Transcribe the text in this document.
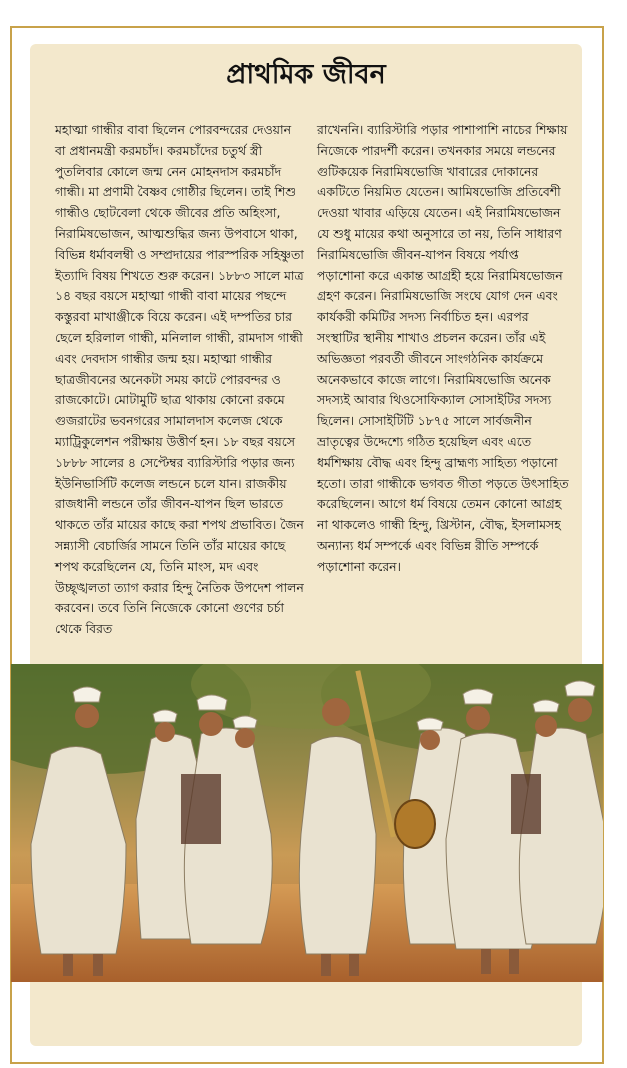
প্রাথমিক জীবন

মহাত্মা গান্ধীর বাবা ছিলেন পোরবন্দরের দেওয়ান বা প্রধানমন্ত্রী করমচাঁদ। করমচাঁদের চতুর্থ স্ত্রী পুতলিবার কোলে জন্ম নেন মোহনদাস করমচাঁদ গান্ধী। মা প্রণামী বৈষ্ণব গোষ্ঠীর ছিলেন। তাই শিশু গান্ধীও ছোটবেলা থেকে জীবের প্রতি অহিংসা, নিরামিষভোজন, আত্মশুদ্ধির জন্য উপবাসে থাকা, বিভিন্ন ধর্মাবলম্বী ও সম্প্রদায়ের পারস্পরিক সহিষ্ণুতা ইত্যাদি বিষয় শিখতে শুরু করেন। ১৮৮৩ সালে মাত্র ১৪ বছর বয়সে মহাত্মা গান্ধী বাবা মায়ের পছন্দে কস্তুরবা মাখাঞ্জীকে বিয়ে করেন। এই দম্পতির চার ছেলে হরিলাল গান্ধী, মনিলাল গান্ধী, রামদাস গান্ধী এবং দেবদাস গান্ধীর জন্ম হয়। মহাত্মা গান্ধীর ছাত্রজীবনের অনেকটা সময় কাটে পোরবন্দর ও রাজকোটে। মোটামুটি ছাত্র থাকায় কোনো রকমে গুজরাটের ভবনগরের সামালদাস কলেজ থেকে ম্যাট্রিকুলেশন পরীক্ষায় উত্তীর্ণ হন। ১৮ বছর বয়সে ১৮৮৮ সালের ৪ সেপ্টেম্বর ব্যারিস্টারি পড়ার জন্য ইউনিভার্সিটি কলেজ লন্ডনে চলে যান। রাজকীয় রাজধানী লন্ডনে তাঁর জীবন-যাপন ছিল ভারতে থাকতে তাঁর মায়ের কাছে করা শপথ প্রভাবিত। জৈন সন্ন্যাসী বেচার্জির সামনে তিনি তাঁর মায়ের কাছে শপথ করেছিলেন যে, তিনি মাংস, মদ এবং উচ্ছৃঙ্খলতা ত্যাগ করার হিন্দু নৈতিক উপদেশ পালন করবেন। তবে তিনি নিজেকে কোনো গুণের চর্চা থেকে বিরত

রাখেননি। ব্যারিস্টারি পড়ার পাশাপাশি নাচের শিক্ষায় নিজেকে পারদর্শী করেন। তখনকার সময়ে লন্ডনের গুটিকয়েক নিরামিষভোজি খাবারের দোকানের একটিতে নিয়মিত যেতেন। আমিষভোজি প্রতিবেশী দেওয়া খাবার এড়িয়ে যেতেন। এই নিরামিষভোজন যে শুধু মায়ের কথা অনুসারে তা নয়, তিনি সাধারণ নিরামিষভোজি জীবন-যাপন বিষয়ে পর্যাপ্ত পড়াশোনা করে একান্ত আগ্রহী হয়ে নিরামিষভোজন গ্রহণ করেন। নিরামিষভোজি সংঘে যোগ দেন এবং কার্যকরী কমিটির সদস্য নির্বাচিত হন। এরপর সংস্থাটির স্থানীয় শাখাও প্রচলন করেন। তাঁর এই অভিজ্ঞতা পরবর্তী জীবনে সাংগঠনিক কার্যক্রমে অনেকভাবে কাজে লাগে। নিরামিষভোজি অনেক সদস্যই আবার থিওসোফিক্যাল সোসাইটির সদস্য ছিলেন। সোসাইটিটি ১৮৭৫ সালে সার্বজনীন ভ্রাতৃত্বের উদ্দেশ্যে গঠিত হয়েছিল এবং এতে ধর্মশিক্ষায় বৌদ্ধ এবং হিন্দু ব্রাহ্মণ্য সাহিত্য পড়ানো হতো। তারা গান্ধীকে ভগবত গীতা পড়তে উৎসাহিত করেছিলেন। আগে ধর্ম বিষয়ে তেমন কোনো আগ্রহ না থাকলেও গান্ধী হিন্দু, খ্রিস্টান, বৌদ্ধ, ইসলামসহ অন্যান্য ধর্ম সম্পর্কে এবং বিভিন্ন রীতি সম্পর্কে পড়াশোনা করেন।
